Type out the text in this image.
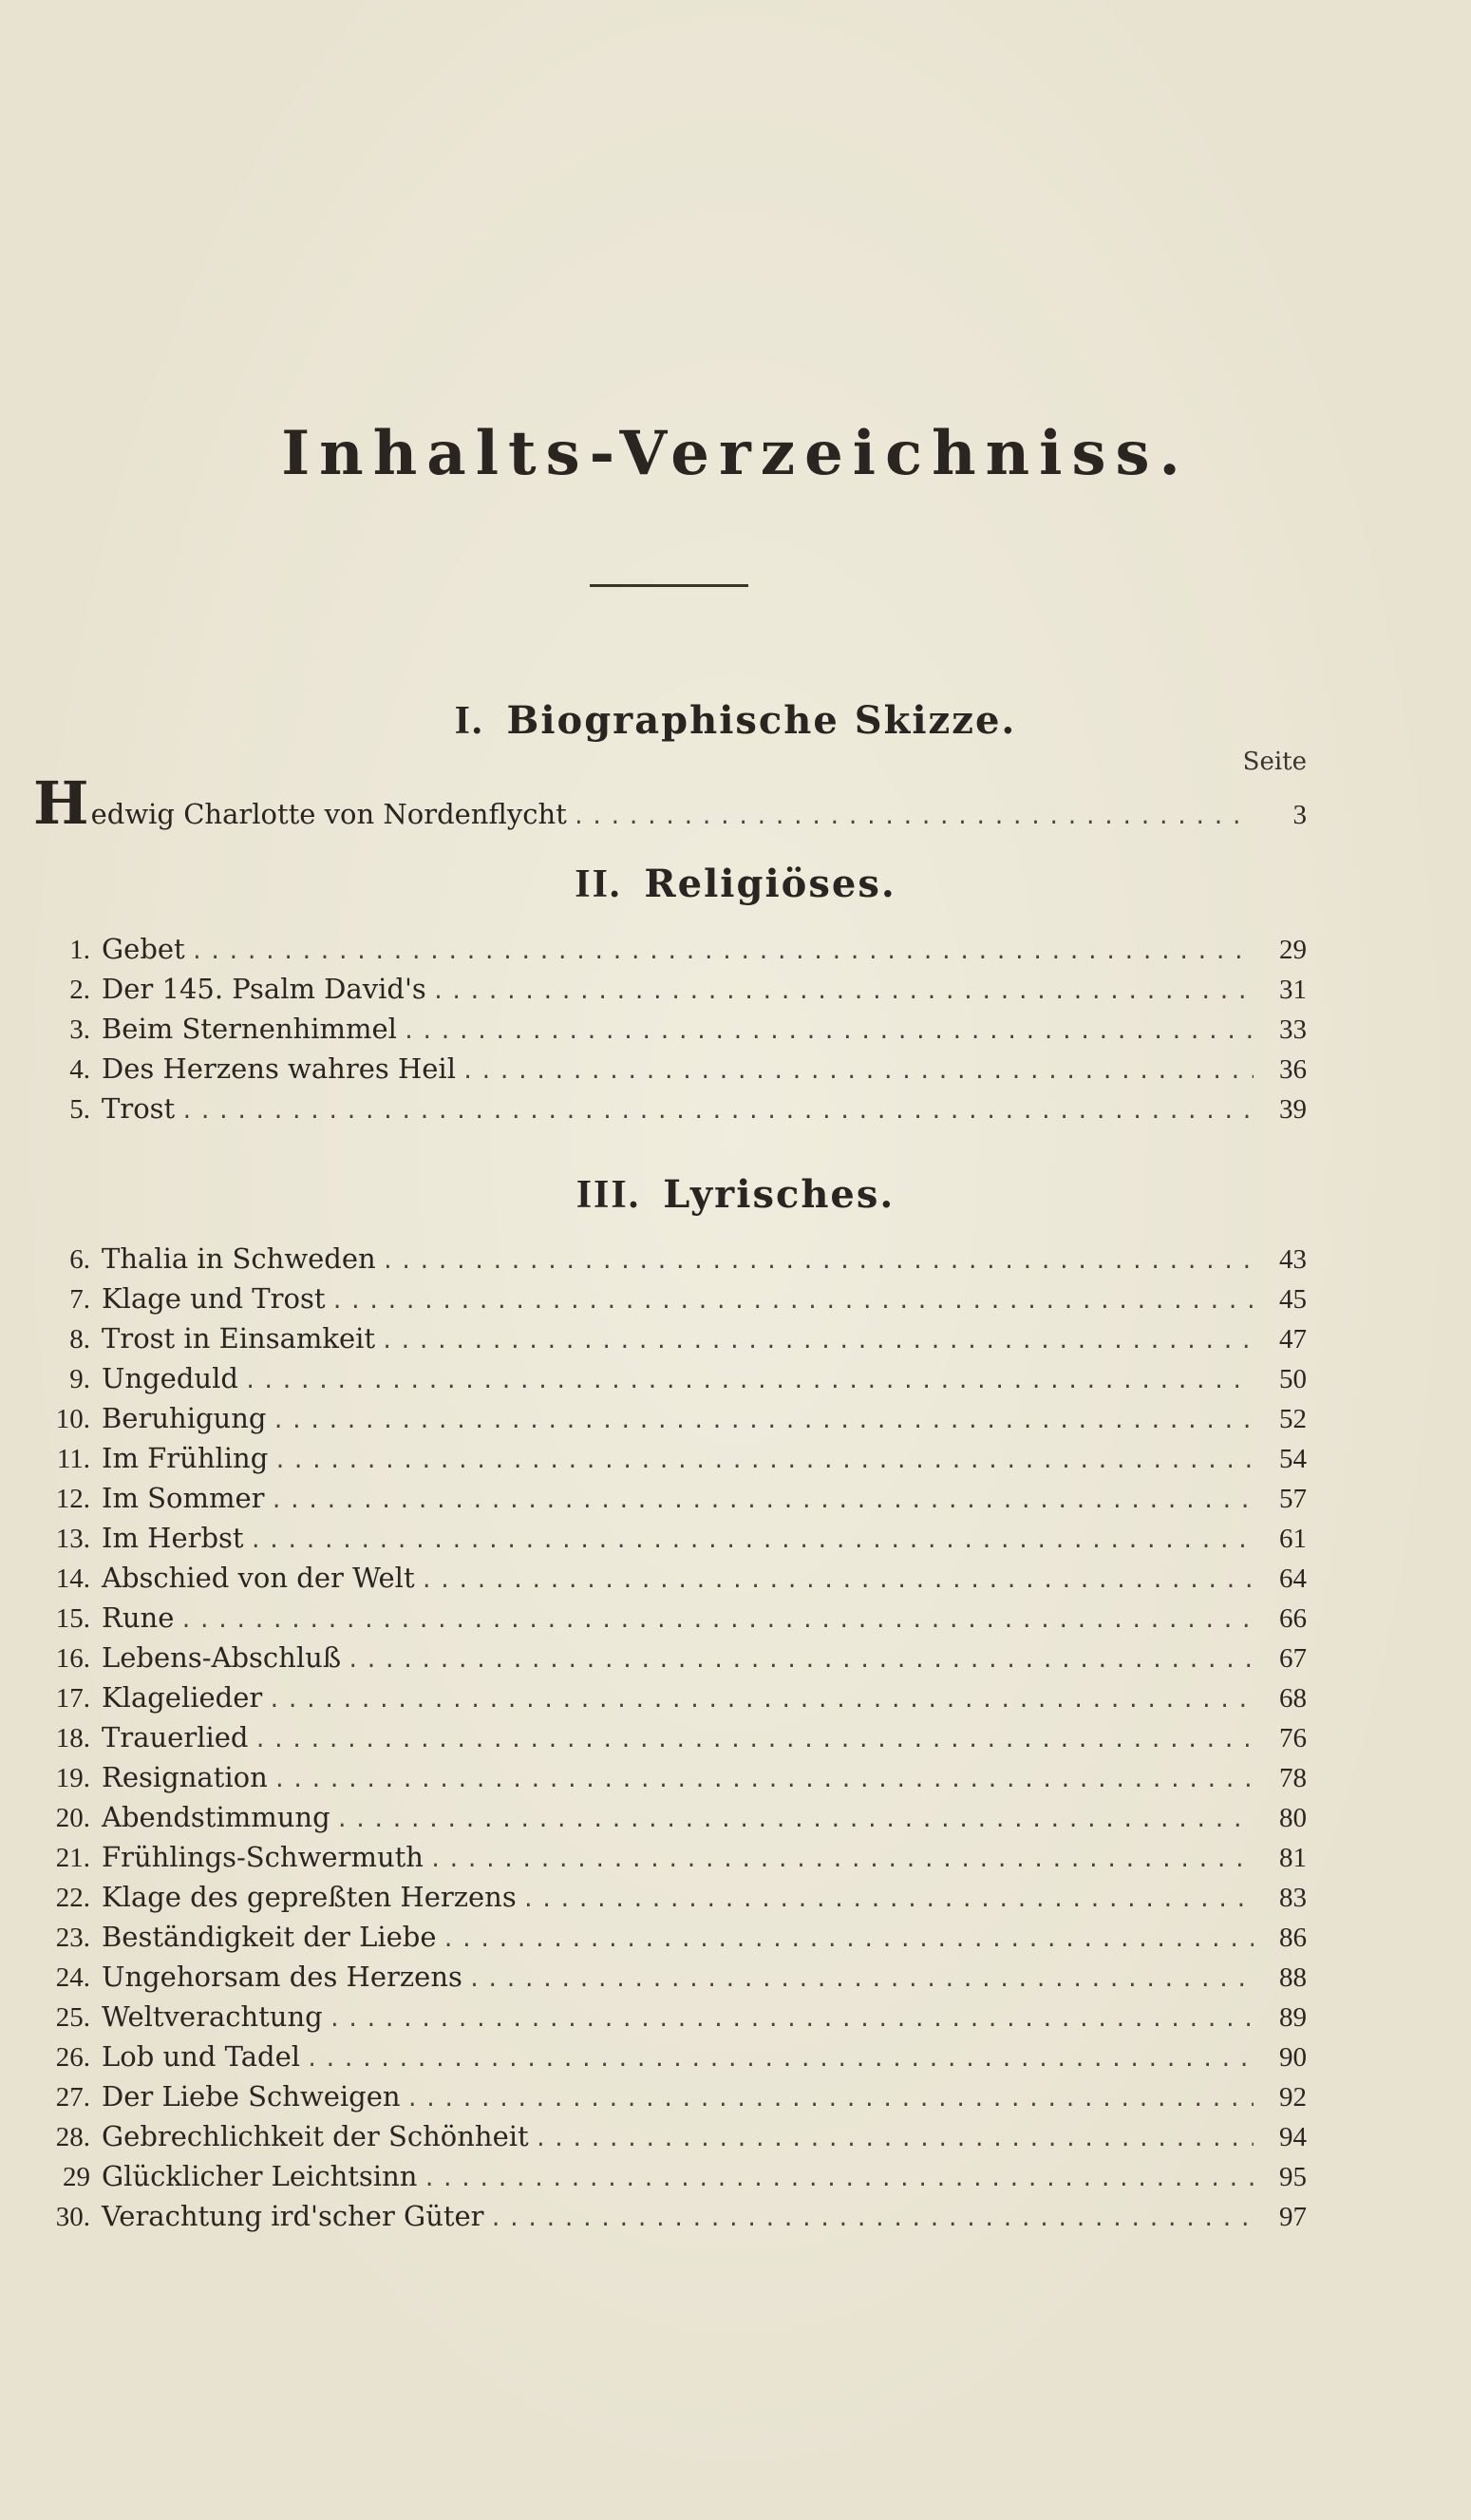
Inhalts-Verzeichniss.
I. Biographische Skizze.
Seite
H edwig Charlotte von Nordenflycht .....	3
II. Religiöses.
1. Gebet .....	29
2. Der 145. Psalm David's .....	31
3. Beim Sternenhimmel .....	33
4. Des Herzens wahres Heil .....	36
5. Trost .....	39
III. Lyrisches.
6. Thalia in Schweden .....	43
7. Klage und Trost .....	45
8. Trost in Einsamkeit .....	47
9. Ungeduld .....	50
10. Beruhigung .....	52
11. Im Frühling .....	54
12. Im Sommer .....	57
13. Im Herbst .....	61
14. Abschied von der Welt .....	64
15. Rune .....	66
16. Lebens-Abschluß .....	67
17. Klagelieder .....	68
18. Trauerlied .....	76
19. Resignation .....	78
20. Abendstimmung .....	80
21. Frühlings-Schwermuth .....	81
22. Klage des gepreßten Herzens .....	83
23. Beständigkeit der Liebe .....	86
24. Ungehorsam des Herzens .....	88
25. Weltverachtung .....	89
26. Lob und Tadel .....	90
27. Der Liebe Schweigen .....	92
28. Gebrechlichkeit der Schönheit .....	94
29 Glücklicher Leichtsinn .....	95
30. Verachtung ird'scher Güter .....	97
